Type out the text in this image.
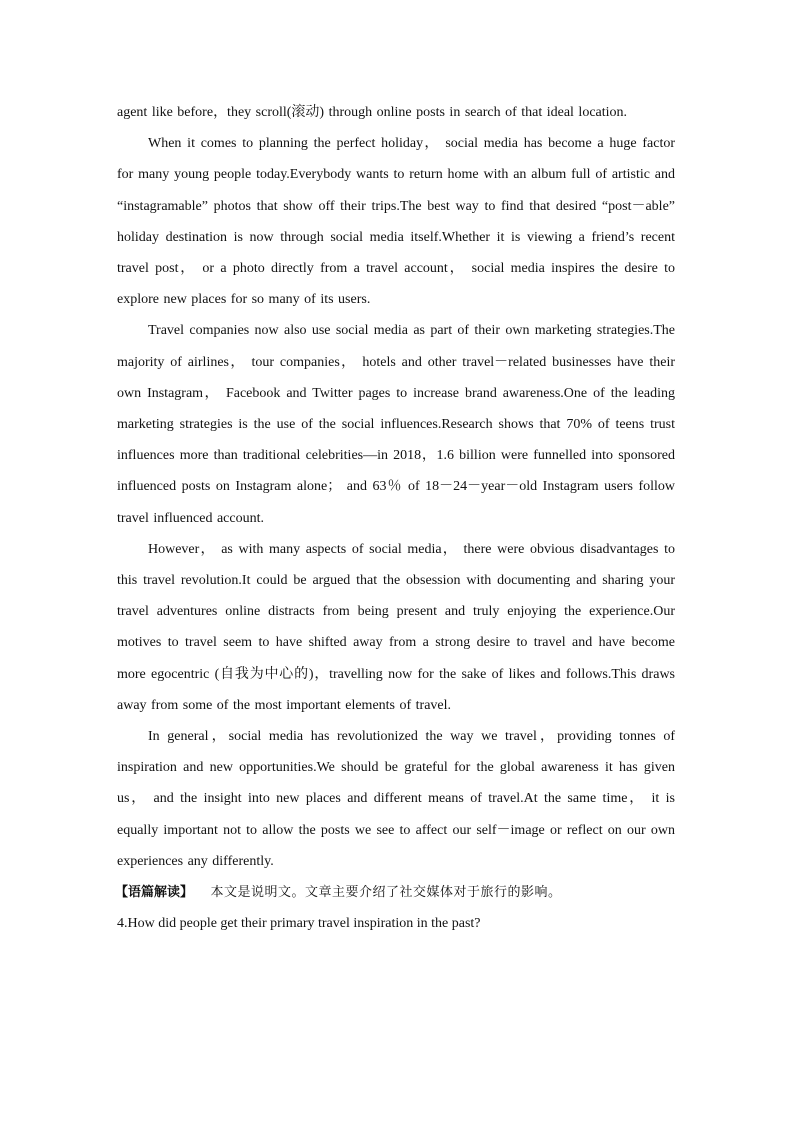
agent like before，they scroll(滚动) through online posts in search of that ideal location.

When it comes to planning the perfect holiday， social media has become a huge factor for many young people today.Everybody wants to return home with an album full of artistic and “instagramable” photos that show off their trips.The best way to find that desired “post－able” holiday destination is now through social media itself.Whether it is viewing a friend’s recent travel post， or a photo directly from a travel account， social media inspires the desire to explore new places for so many of its users.

Travel companies now also use social media as part of their own marketing strategies.The majority of airlines， tour companies， hotels and other travel－related businesses have their own Instagram， Facebook and Twitter pages to increase brand awareness.One of the leading marketing strategies is the use of the social influences.Research shows that 70% of teens trust influences more than traditional celebrities—in 2018，1.6 billion were funnelled into sponsored influenced posts on Instagram alone； and 63％ of 18－24－year－old Instagram users follow travel influenced account.

However， as with many aspects of social media， there were obvious disadvantages to this travel revolution.It could be argued that the obsession with documenting and sharing your travel adventures online distracts from being present and truly enjoying the experience.Our motives to travel seem to have shifted away from a strong desire to travel and have become more egocentric (自我为中心的)，travelling now for the sake of likes and follows.This draws away from some of the most important elements of travel.

In general，social media has revolutionized the way we travel，providing tonnes of inspiration and new opportunities.We should be grateful for the global awareness it has given us， and the insight into new places and different means of travel.At the same time， it is equally important not to allow the posts we see to affect our self－image or reflect on our own experiences any differently.

【语篇解读】 本文是说明文。文章主要介绍了社交媒体对于旅行的影响。

4.How did people get their primary travel inspiration in the past?
